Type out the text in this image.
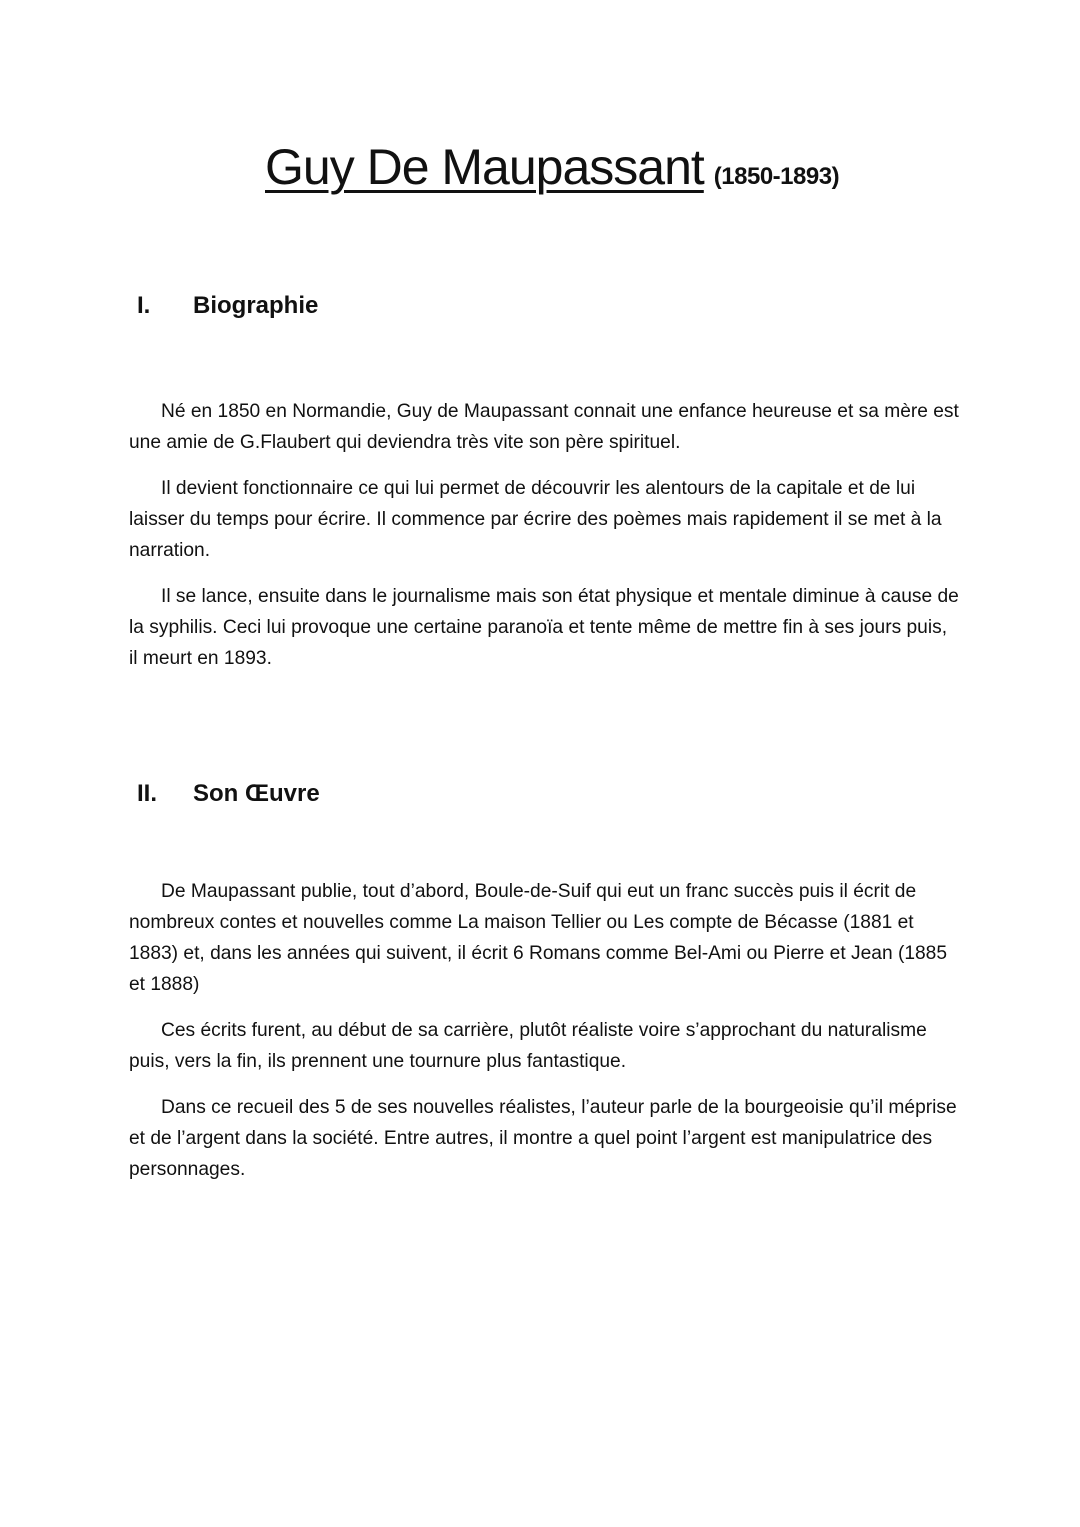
Guy De Maupassant (1850-1893)
I. Biographie

Né en 1850 en Normandie, Guy de Maupassant connait une enfance heureuse et sa mère est une amie de G.Flaubert qui deviendra très vite son père spirituel.

Il devient fonctionnaire ce qui lui permet de découvrir les alentours de la capitale et de lui laisser du temps pour écrire. Il commence par écrire des poèmes mais rapidement il se met à la narration.

Il se lance, ensuite dans le journalisme mais son état physique et mentale diminue à cause de la syphilis. Ceci lui provoque une certaine paranoïa et tente même de mettre fin à ses jours puis, il meurt en 1893.

II. Son Œuvre

De Maupassant publie, tout d’abord, Boule-de-Suif qui eut un franc succès puis il écrit de nombreux contes et nouvelles comme La maison Tellier ou Les compte de Bécasse (1881 et 1883) et, dans les années qui suivent, il écrit 6 Romans comme Bel-Ami ou Pierre et Jean (1885 et 1888)

Ces écrits furent, au début de sa carrière, plutôt réaliste voire s’approchant du naturalisme puis, vers la fin, ils prennent une tournure plus fantastique.

Dans ce recueil des 5 de ses nouvelles réalistes, l’auteur parle de la bourgeoisie qu’il méprise et de l’argent dans la société. Entre autres, il montre a quel point l’argent est manipulatrice des personnages.
